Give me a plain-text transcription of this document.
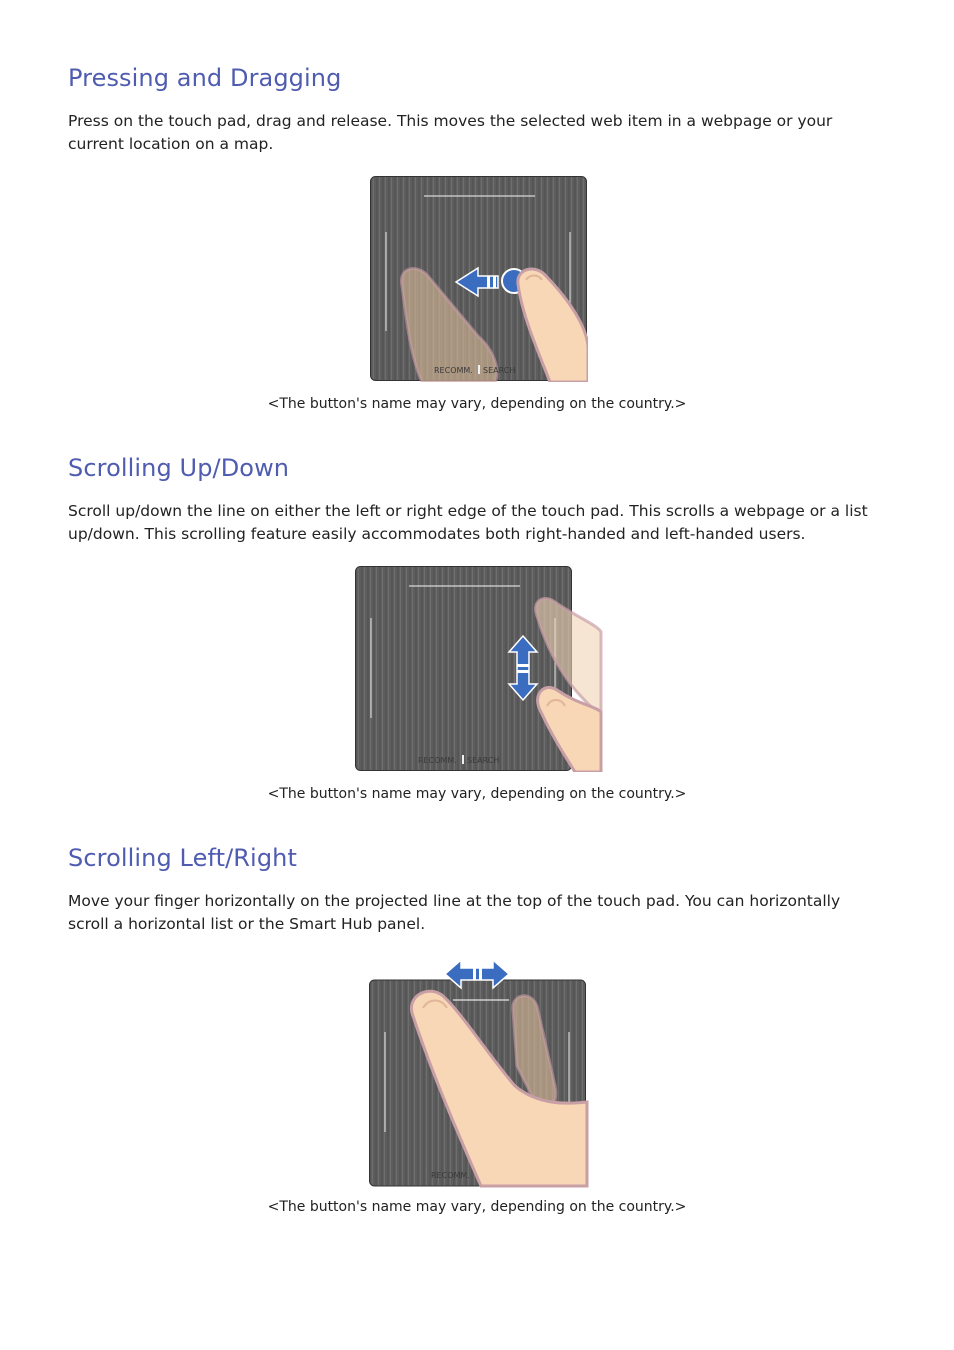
Pressing and Dragging

Press on the touch pad, drag and release. This moves the selected web item in a webpage or your current location on a map.

RECOMM. SEARCH

<The button's name may vary, depending on the country.>

Scrolling Up/Down

Scroll up/down the line on either the left or right edge of the touch pad. This scrolls a webpage or a list up/down. This scrolling feature easily accommodates both right-handed and left-handed users.

RECOMM. SEARCH

<The button's name may vary, depending on the country.>

Scrolling Left/Right

Move your finger horizontally on the projected line at the top of the touch pad. You can horizontally scroll a horizontal list or the Smart Hub panel.

RECOMM.

<The button's name may vary, depending on the country.>
